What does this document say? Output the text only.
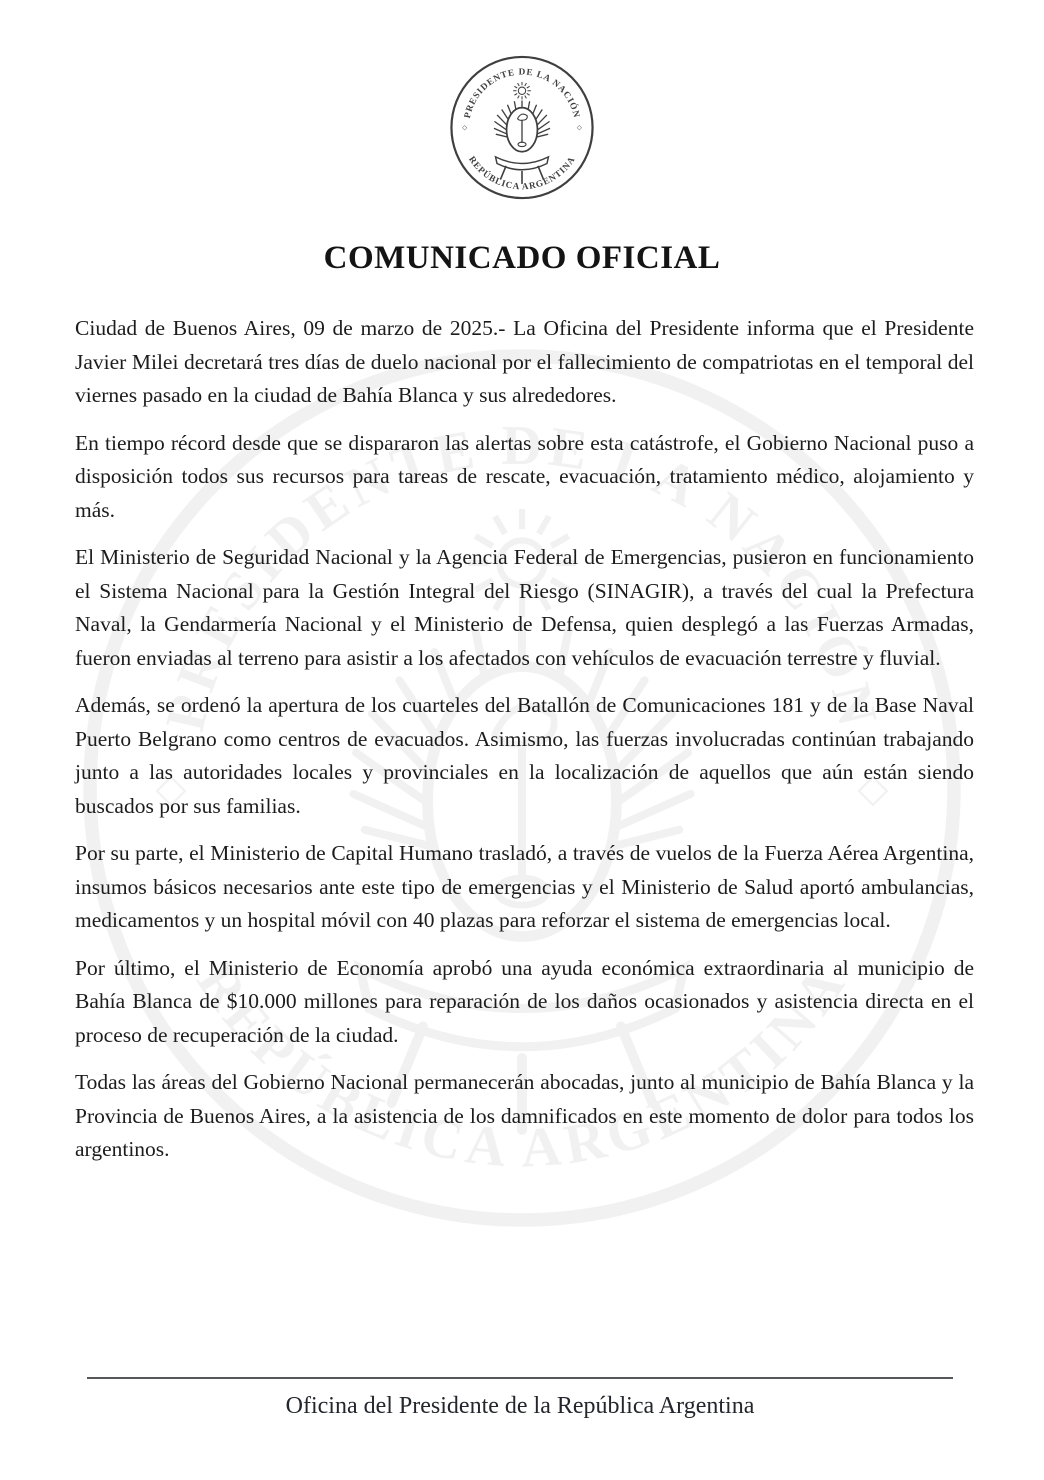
PRESIDENTE DE LA NACIÓN
REPÚBLICA ARGENTINA
◇	◇
COMUNICADO OFICIAL

Ciudad de Buenos Aires, 09 de marzo de 2025.- La Oficina del Presidente informa que el Presidente Javier Milei decretará tres días de duelo nacional por el fallecimiento de compatriotas en el temporal del viernes pasado en la ciudad de Bahía Blanca y sus alrededores.

En tiempo récord desde que se dispararon las alertas sobre esta catástrofe, el Gobierno Nacional puso a disposición todos sus recursos para tareas de rescate, evacuación, tratamiento médico, alojamiento y más.

El Ministerio de Seguridad Nacional y la Agencia Federal de Emergencias, pusieron en funcionamiento el Sistema Nacional para la Gestión Integral del Riesgo (SINAGIR), a través del cual la Prefectura Naval, la Gendarmería Nacional y el Ministerio de Defensa, quien desplegó a las Fuerzas Armadas, fueron enviadas al terreno para asistir a los afectados con vehículos de evacuación terrestre y fluvial.

Además, se ordenó la apertura de los cuarteles del Batallón de Comunicaciones 181 y de la Base Naval Puerto Belgrano como centros de evacuados. Asimismo, las fuerzas involucradas continúan trabajando junto a las autoridades locales y provinciales en la localización de aquellos que aún están siendo buscados por sus familias.

Por su parte, el Ministerio de Capital Humano trasladó, a través de vuelos de la Fuerza Aérea Argentina, insumos básicos necesarios ante este tipo de emergencias y el Ministerio de Salud aportó ambulancias, medicamentos y un hospital móvil con 40 plazas para reforzar el sistema de emergencias local.

Por último, el Ministerio de Economía aprobó una ayuda económica extraordinaria al municipio de Bahía Blanca de $10.000 millones para reparación de los daños ocasionados y asistencia directa en el proceso de recuperación de la ciudad.

Todas las áreas del Gobierno Nacional permanecerán abocadas, junto al municipio de Bahía Blanca y la Provincia de Buenos Aires, a la asistencia de los damnificados en este momento de dolor para todos los argentinos.

Oficina del Presidente de la República Argentina
